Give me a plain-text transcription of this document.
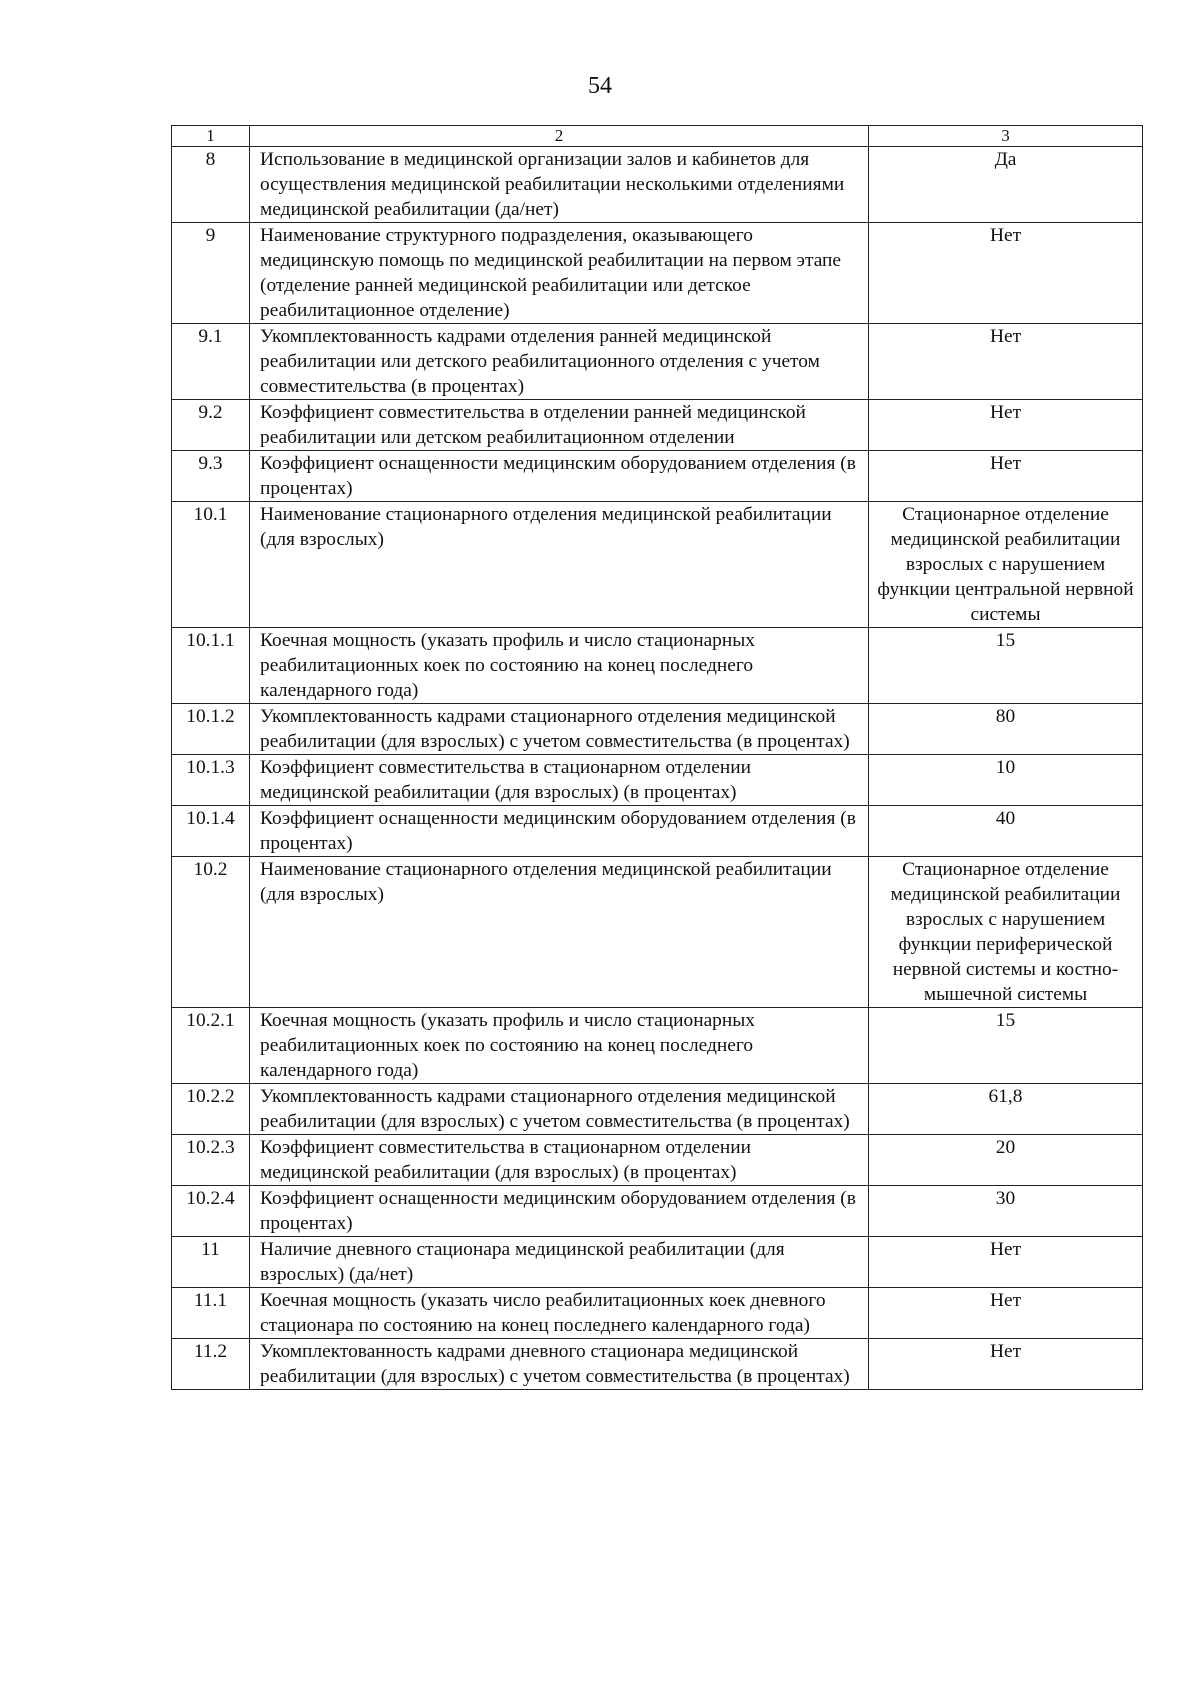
54
1	2	3
8	Использование в медицинской организации залов и кабинетов для осуществления медицинской реабилитации несколькими отделениями медицинской реабилитации (да/нет)	Да
9	Наименование структурного подразделения, оказывающего медицинскую помощь по медицинской реабилитации на первом этапе (отделение ранней медицинской реабилитации или детское реабилитационное отделение)	Нет
9.1	Укомплектованность кадрами отделения ранней медицинской реабилитации или детского реабилитационного отделения с учетом совместительства (в процентах)	Нет
9.2	Коэффициент совместительства в отделении ранней медицинской реабилитации или детском реабилитационном отделении	Нет
9.3	Коэффициент оснащенности медицинским оборудованием отделения (в процентах)	Нет
10.1	Наименование стационарного отделения медицинской реабилитации (для взрослых)	Стационарное отделение медицинской реабилитации взрослых с нарушением функции центральной нервной системы
10.1.1	Коечная мощность (указать профиль и число стационарных реабилитационных коек по состоянию на конец последнего календарного года)	15
10.1.2	Укомплектованность кадрами стационарного отделения медицинской реабилитации (для взрослых) с учетом совместительства (в процентах)	80
10.1.3	Коэффициент совместительства в стационарном отделении медицинской реабилитации (для взрослых) (в процентах)	10
10.1.4	Коэффициент оснащенности медицинским оборудованием отделения (в процентах)	40
10.2	Наименование стационарного отделения медицинской реабилитации (для взрослых)	Стационарное отделение медицинской реабилитации взрослых с нарушением функции периферической нервной системы и костно-мышечной системы
10.2.1	Коечная мощность (указать профиль и число стационарных реабилитационных коек по состоянию на конец последнего календарного года)	15
10.2.2	Укомплектованность кадрами стационарного отделения медицинской реабилитации (для взрослых) с учетом совместительства (в процентах)	61,8
10.2.3	Коэффициент совместительства в стационарном отделении медицинской реабилитации (для взрослых) (в процентах)	20
10.2.4	Коэффициент оснащенности медицинским оборудованием отделения (в процентах)	30
11	Наличие дневного стационара медицинской реабилитации (для взрослых) (да/нет)	Нет
11.1	Коечная мощность (указать число реабилитационных коек дневного стационара по состоянию на конец последнего календарного года)	Нет
11.2	Укомплектованность кадрами дневного стационара медицинской реабилитации (для взрослых) с учетом совместительства (в процентах)	Нет
